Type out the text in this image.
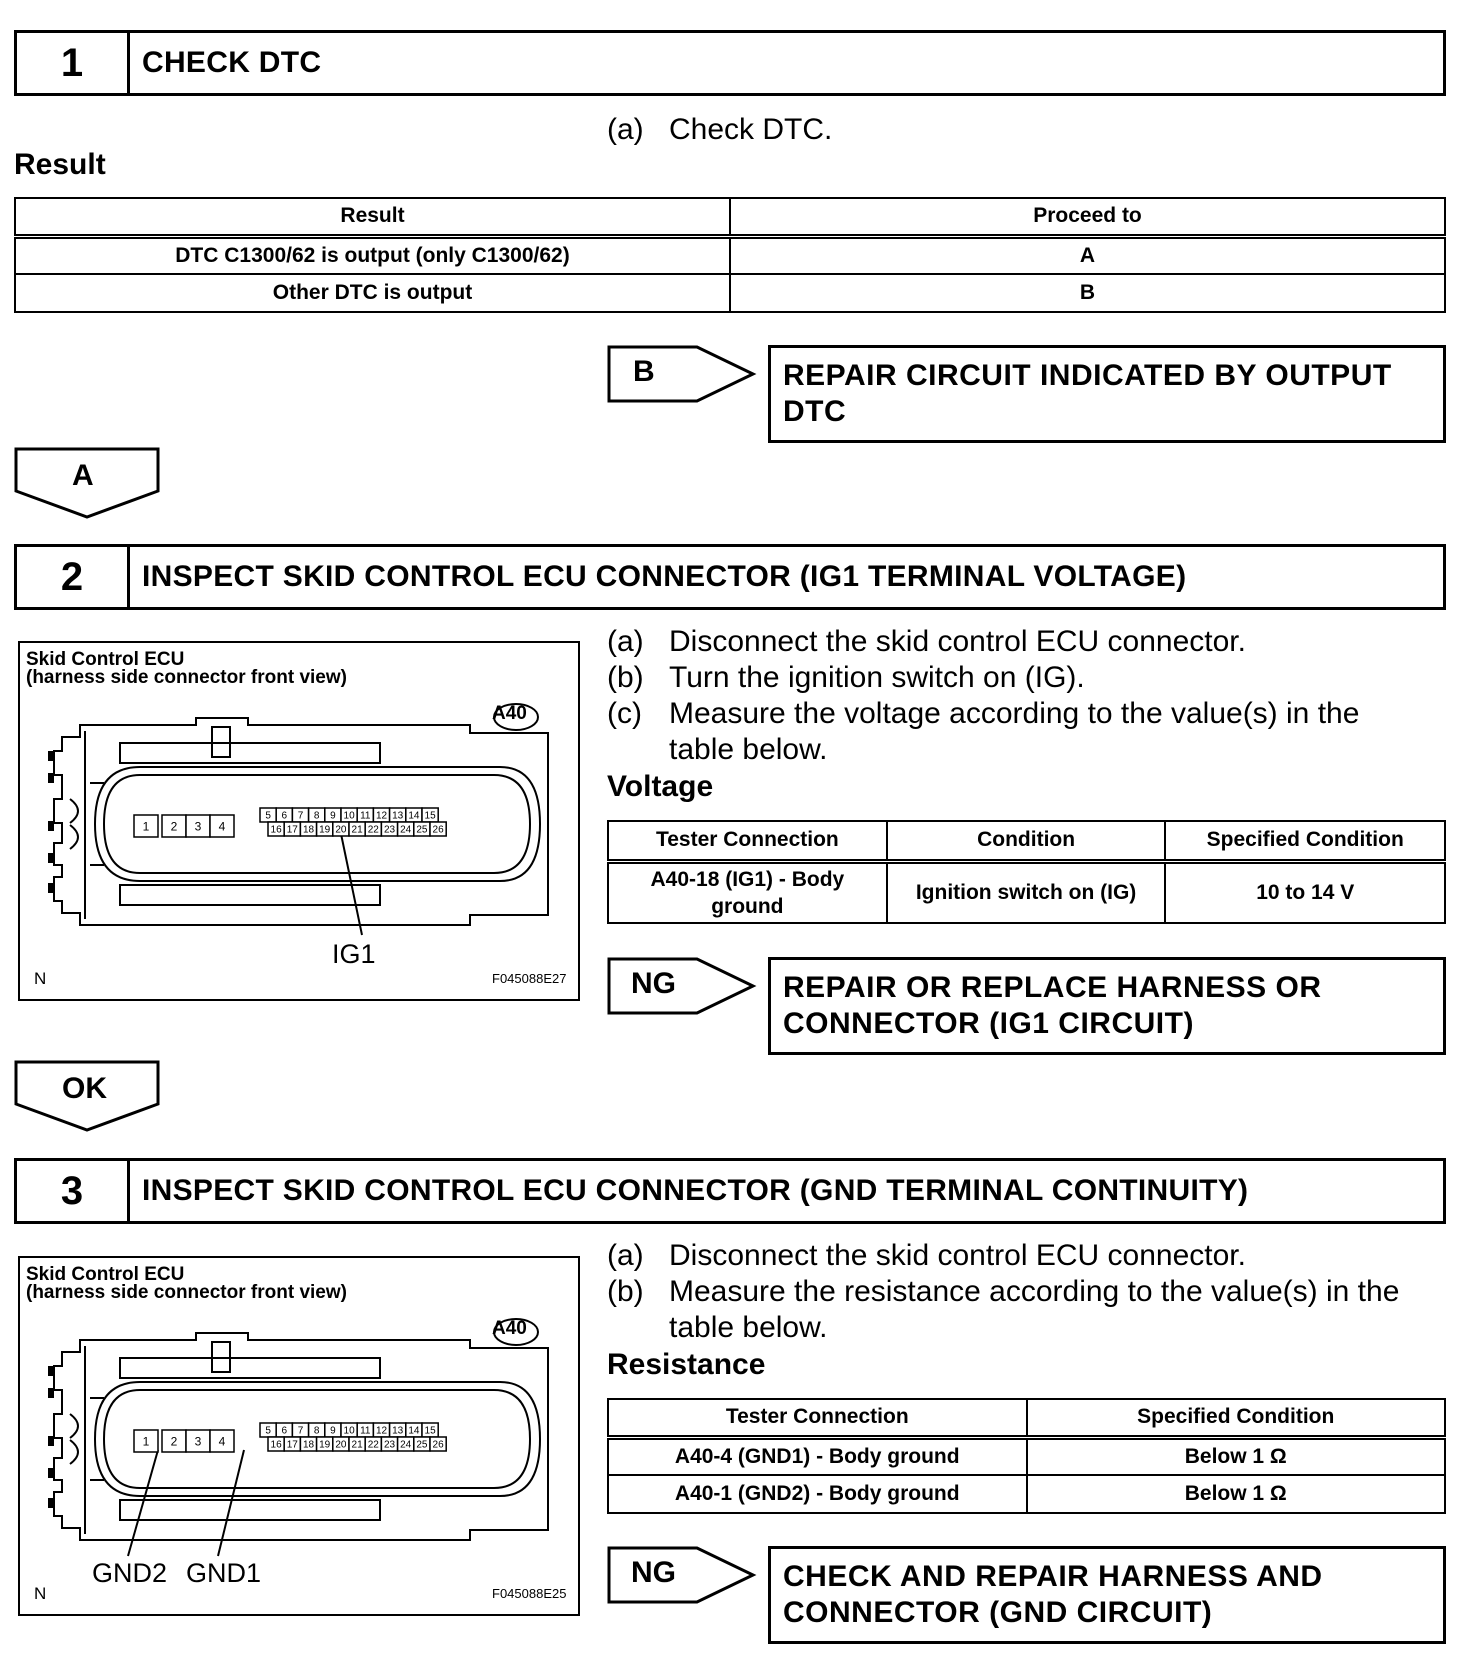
1	CHECK DTC
(a) Check DTC.
Result
Result	Proceed to
DTC C1300/62 is output (only C1300/62)	A
Other DTC is output	B
B	REPAIR CIRCUIT INDICATED BY OUTPUT
DTC
A
2	INSPECT SKID CONTROL ECU CONNECTOR (IG1 TERMINAL VOLTAGE)
Skid Control ECU
(harness side connector front view)
1 2 3 4
5 6 7 8 9 10 11 12 13 14 15
16 17 18 19 20 21 22 23 24 25 26
A40
IG1
N	F045088E27
(a) Disconnect the skid control ECU connector.
(b) Turn the ignition switch on (IG).
(c) Measure the voltage according to the value(s) in the
table below.
Voltage
Tester Connection	Condition	Specified Condition

A40-18 (IG1) - Body
ground	Ignition switch on (IG)	10 to 14 V
NG	REPAIR OR REPLACE HARNESS OR
CONNECTOR (IG1 CIRCUIT)
OK
3	INSPECT SKID CONTROL ECU CONNECTOR (GND TERMINAL CONTINUITY)
Skid Control ECU
(harness side connector front view)
1 2 3 4
5 6 7 8 9 10 11 12 13 14 15
16 17 18 19 20 21 22 23 24 25 26
A40
GND2 GND1
N	F045088E25
(a) Disconnect the skid control ECU connector.
(b) Measure the resistance according to the value(s) in the
table below.
Resistance
Tester Connection	Specified Condition
A40-4 (GND1) - Body ground	Below 1 Ω
A40-1 (GND2) - Body ground	Below 1 Ω
NG	CHECK AND REPAIR HARNESS AND
CONNECTOR (GND CIRCUIT)
